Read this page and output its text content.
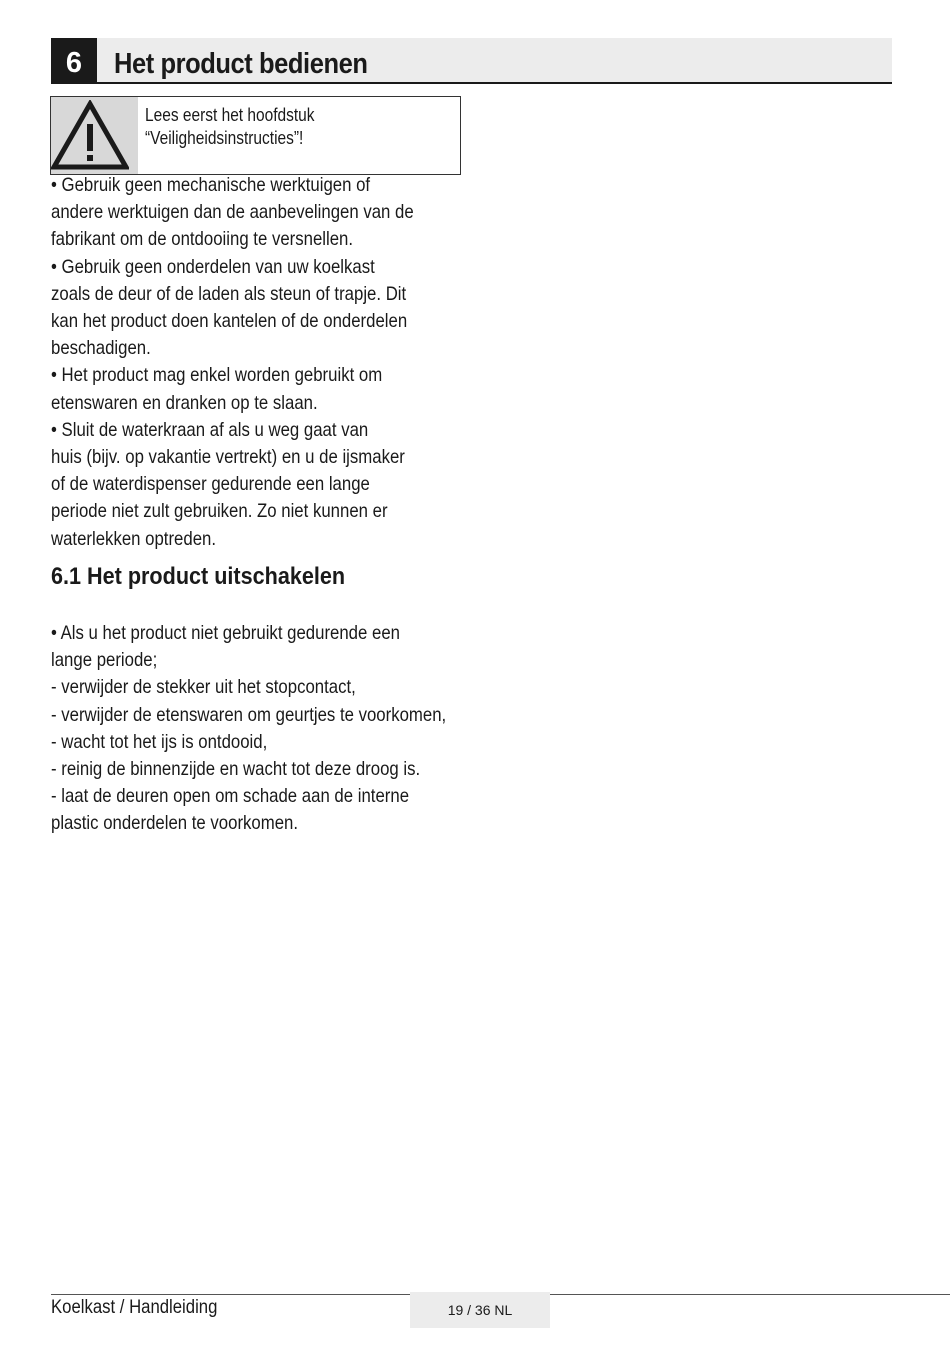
6	Het product bedienen
Lees eerst het hoofdstuk
“Veiligheidsinstructies”!
• Gebruik geen mechanische werktuigen of
andere werktuigen dan de aanbevelingen van de
fabrikant om de ontdooiing te versnellen.
• Gebruik geen onderdelen van uw koelkast
zoals de deur of de laden als steun of trapje. Dit
kan het product doen kantelen of de onderdelen
beschadigen.
• Het product mag enkel worden gebruikt om
etenswaren en dranken op te slaan.
• Sluit de waterkraan af als u weg gaat van
huis (bijv. op vakantie vertrekt) en u de ijsmaker
of de waterdispenser gedurende een lange
periode niet zult gebruiken. Zo niet kunnen er
waterlekken optreden.
6.1 Het product uitschakelen
• Als u het product niet gebruikt gedurende een
lange periode;
- verwijder de stekker uit het stopcontact,
- verwijder de etenswaren om geurtjes te voorkomen,
- wacht tot het ijs is ontdooid,
- reinig de binnenzijde en wacht tot deze droog is.
- laat de deuren open om schade aan de interne
plastic onderdelen te voorkomen.
Koelkast / Handleiding	19 / 36 NL
